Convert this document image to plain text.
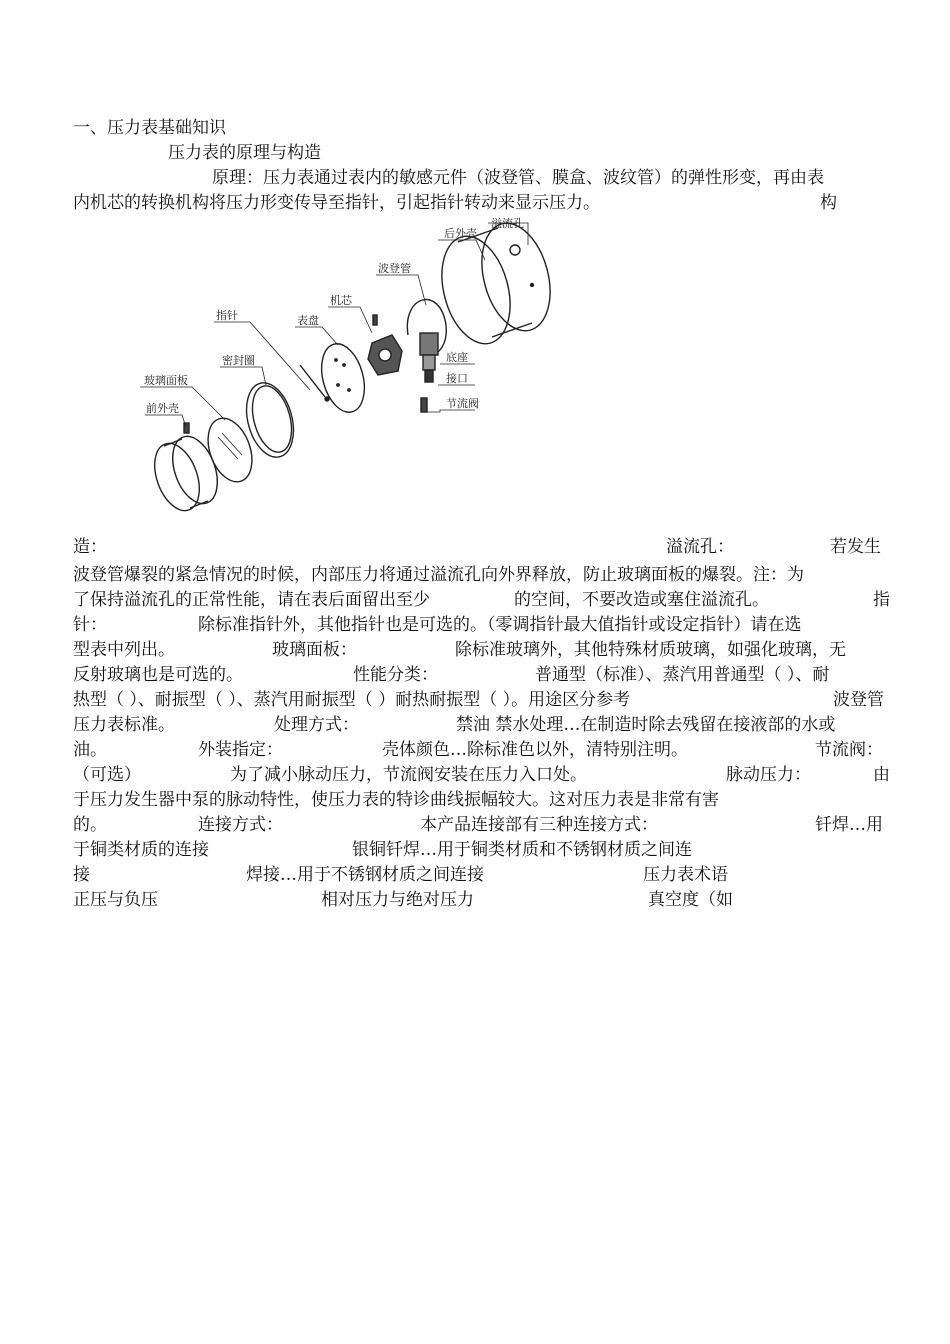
一、压力表基础知识
压力表的原理与构造
原理：压力表通过表内的敏感元件（波登管、膜盒、波纹管）的弹性形变，再由表
内机芯的转换机构将压力形变传导至指针，引起指针转动来显示压力。	构
后外壳
溢流孔
波登管
机芯
指针	表盘
密封圈
玻璃面板
前外壳
底座
接口
节流阀
造：	溢流孔：	若发生
波登管爆裂的紧急情况的时候，内部压力将通过溢流孔向外界释放，防止玻璃面板的爆裂。注：为
了保持溢流孔的正常性能，请在表后面留出至少	的空间，不要改造或塞住溢流孔。	指
针：	除标准指针外，其他指针也是可选的。（零调指针最大值指针或设定指针）请在选
型表中列出。	玻璃面板：	除标准玻璃外，其他特殊材质玻璃，如强化玻璃，无
反射玻璃也是可选的。	性能分类：	普通型（标准）、蒸汽用普通型（ ）、耐
热型（ ）、耐振型（ ）、蒸汽用耐振型（ ）耐热耐振型（ ）。用途区分参考	波登管
压力表标准。	处理方式：	禁油 禁水处理…在制造时除去残留在接液部的水或
油。	外装指定：	壳体颜色…除标准色以外，清特别注明。	节流阀：
（可选）	为了减小脉动压力，节流阀安装在压力入口处。	脉动压力：	由
于压力发生器中泵的脉动特性，使压力表的特诊曲线振幅较大。这对压力表是非常有害
的。	连接方式：	本产品连接部有三种连接方式：	钎焊…用
于铜类材质的连接	银铜钎焊…用于铜类材质和不锈钢材质之间连
接	焊接…用于不锈钢材质之间连接	压力表术语
正压与负压	相对压力与绝对压力	真空度（如
